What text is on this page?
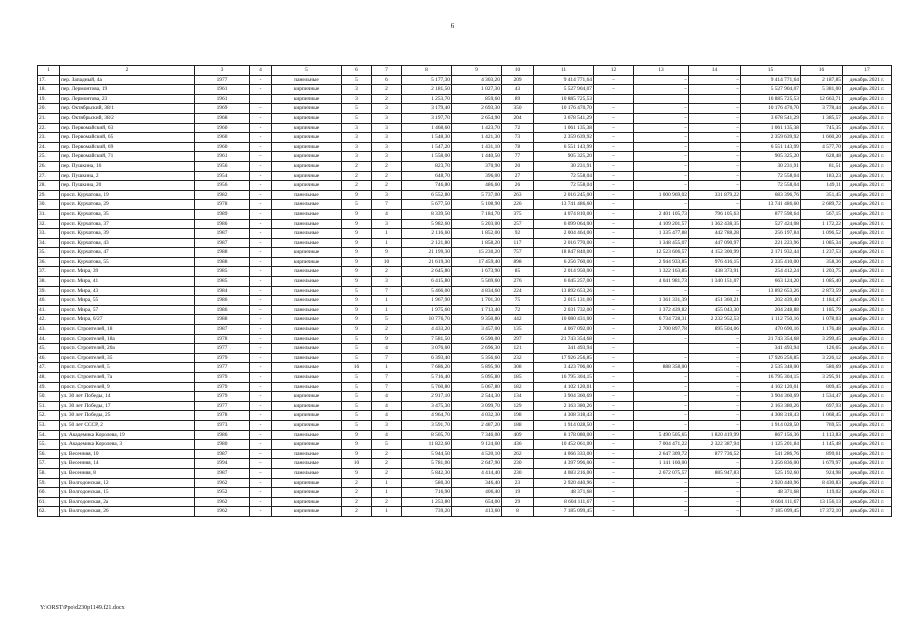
6
1	2	3	4	5	6	7	8	9	10	11	12	13	14	15	16	17
17.	пер. Западный, 4а	1977	-	панельные	5	6	5 177,30	4 303,20	209	9 414 771,64	–	–	–	9 414 771,64	2 187,85	декабрь 2021 г.
18.	пер. Лермонтова, 19	1961	-	кирпичные	3	2	2 181,50	1 027,30	43	5 527 904,07	–	–	–	5 527 904,07	5 381,00	декабрь 2021 г.
19.	пер. Лермонтова, 23	1961		кирпичные	3	2	1 253,70	859,60	89	10 885 725,53				10 885 725,53	12 663,71	декабрь 2021 г.
20.	пер. Октябрьский, 38/1	1969	–	кирпичные	5	3	3 179,40	2 693,30	350	10 176 470,70	–	–	–	10 176 470,70	3 778,44	декабрь 2021 г.
21.	пер. Октябрьский, 38/2	1968	-	кирпичные	5	3	3 197,70	2 654,90	204	3 678 541,29	–	–	–	3 678 541,29	1 385,57	декабрь 2021 г.
22.	пер. Первомайский, 63	1960	-	кирпичные	3	3	1 468,60	1 423,70	72	1 061 135,38	–	–	–	1 061 135,38	745,35	декабрь 2021 г.
23.	пер. Первомайский, 65	1960	-	кирпичные	3	3	1 548,30	1 421,30	73	2 359 639,92	–	–	–	2 359 639,92	1 660,20	декабрь 2021 г.
24.	пер. Первомайский, 69	1960	-	кирпичные	3	3	1 547,20	1 431,10	78	6 551 143,99	–	–	–	6 551 143,99	4 577,70	декабрь 2021 г.
25.	пер. Первомайский, 71	1961	–	кирпичные	3	3	1 558,00	1 440,50	77	905 325,20	–	–	–	905 325,20	628,48	декабрь 2021 г.
26.	пер. Пушкина, 16	1956	-	кирпичные	2	2	823,70	370,90	20	30 231,91	–	–	–	30 231,91	81,51	декабрь 2021 г.
27.	пер. Пушкина, 2	1954	-	кирпичные	2	2	648,70	396,00	27	72 558,04	–	–	–	72 558,04	183,23	декабрь 2021 г.
28.	пер. Пушкина, 20	1956	-	кирпичные	2	2	746,80	486,60	26	72 558,04	–	–	–	72 558,04	149,11	декабрь 2021 г.
29.	просп. Курчатова, 19	1982	-	панельные	9	3	6 552,80	5 737,00	263	2 016 245,00	–	1 000 969,02	331 879,22	683 396,76	351,45	декабрь 2021 г.
30.	просп. Курчатова, 29	1978	-	панельные	5	7	5 677,50	5 108,90	226	13 741 486,60	–	–	–	13 741 486,60	2 689,72	декабрь 2021 г.
31.	просп. Курчатова, 35	1989	-	панельные	9	4	8 339,50	7 184,70	375	4 074 810,00	–	2 401 105,73	796 105,63	877 598,64	567,15	декабрь 2021 г.
32.	просп. Курчатова, 37	1986	-	панельные	9	3	5 982,60	5 203,00	257	6 099 064,00	–	4 109 201,57	1 362 438,35	527 424,08	1 172,22	декабрь 2021 г.
33.	просп. Курчатова, 39	1987	-	панельные	9	1	2 116,60	1 852,00	92	2 004 464,00	–	1 335 477,88	442 788,28	256 197,84	1 096,52	декабрь 2021 г.
34.	просп. Курчатова, 43	1987	-	панельные	9	1	2 121,80	1 858,20	117	2 016 770,00	–	1 348 455,07	447 090,97	221 223,96	1 085,34	декабрь 2021 г.
35.	просп. Курчатова, 47	1988	-	кирпичные	9	9	21 199,30	15 230,20	757	18 847 840,00	–	12 523 606,57	4 152 300,99	2 171 932,44	1 237,53	декабрь 2021 г.
36.	просп. Курчатова, 55	1988	-	кирпичные	9	10	21 619,30	17 459,40	898	6 256 760,00	–	2 944 933,85	976 416,15	2 335 410,00	358,36	декабрь 2021 г.
37.	просп. Мира, 39	1985	-	панельные	9	2	2 645,80	1 673,90	85	2 014 950,00	–	1 322 163,85	438 373,91	254 412,24	1 203,75	декабрь 2021 г.
38.	просп. Мира, 41	1985	-	панельные	9	3	6 415,80	5 569,60	276	6 045 257,00	–	4 041 981,73	1 340 151,07	663 124,20	1 085,40	декабрь 2021 г.
39.	просп. Мира, 43	1984	-	панельные	5	7	5 466,00	4 834,60	224	13 892 653,26	–	–	–	13 892 653,26	2 873,59	декабрь 2021 г.
40.	просп. Мира, 55	1986	-	панельные	9	1	1 967,90	1 701,30	75	2 015 131,00	–	1 361 331,39	451 360,21	202 439,40	1 184,47	декабрь 2021 г.
41.	просп. Мира, 57	1986	–	панельные	9	1	1 975,60	1 713,40	72	2 031 732,00	–	1 372 439,82	455 043,30	204 248,88	1 185,79	декабрь 2021 г.
42.	просп. Мира, 6/27	1988	-	панельные	9	5	10 776,70	9 350,80	442	10 080 431,00	–	6 734 728,31	2 232 952,53	1 112 750,16	1 078,03	декабрь 2021 г.
43.	просп. Строителей, 18	1987	-	панельные	9	2	4 433,20	3 457,00	135	4 067 092,00	–	2 700 897,78	895 504,06	470 690,16	1 176,48	декабрь 2021 г.
44.	просп. Строителей, 18а	1978	-	панельные	5	9	7 581,50	6 590,00	297	21 743 354,68	–	–	–	21 743 354,68	3 299,45	декабрь 2021 г.
45.	просп. Строителей, 20а	1977	-	панельные	5	4	3 076,00	2 696,30	121	341 493,94	–		–	341 493,94	126,65	декабрь 2021 г.
46.	просп. Строителей, 35	1979	-	панельные	5	7	6 393,40	5 356,60	232	17 926 256,85	–	–	–	17 926 256,85	3 226,12	декабрь 2021 г.
47.	просп. Строителей, 5	1977	-	панельные	16	1	7 686,20	5 895,90	308	3 423 706,00	–	888 358,00	–	2 535 348,00	580,69	декабрь 2021 г.
48.	просп. Строителей, 7а	1979	-	панельные	5	7	5 716,40	5 095,80	185	16 795 304,15	–	–	–	16 795 304,15	3 295,91	декабрь 2021 г.
49.	просп. Строителей, 9	1979	-	панельные	5	7	5 760,80	5 067,80	182	4 102 120,01	–	–	–	4 102 120,01	809,45	декабрь 2021 г.
50.	ул. 30 лет Победы, 14	1979	-	кирпичные	5	4	2 917,10	2 544,30	134	3 904 360,69	–	–	–	3 904 360,69	1 534,47	декабрь 2021 г.
51.	ул. 30 лет Победы, 17	1977	-	кирпичные	5	4	3 475,30	3 099,70	129	2 163 380,26	–	–	–	2 163 380,26	697,93	декабрь 2021 г.
52.	ул. 30 лет Победы, 25	1978	-	кирпичные	5	4	4 964,70	4 032,30	198	4 308 318,43	–	–	–	4 308 318,43	1 068,45	декабрь 2021 г.
53.	ул. 50 лет СССР, 2	1973	-	кирпичные	5	3	3 591,70	2 487,20	188	1 914 028,50	–	–	–	1 914 028,50	769,55	декабрь 2021 г.
54.	ул. Академика Королева, 19	1986	-	панельные	9	4	8 505,70	7 346,00	409	8 178 080,00	–	5 490 505,65	1 820 419,99	867 156,36	1 113,83	декабрь 2021 г.
55.	ул. Академика Королева, 3	1980	-	кирпичные	9	5	11 822,60	9 124,60	436	10 452 061,00	–	7 004 471,22	2 322 387,94	1 125 201,84	1 145,48	декабрь 2021 г.
56.	ул. Весенняя, 10	1987	–	панельные	9	2	5 944,50	4 520,10	262	4 066 333,00	–	2 647 309,72	877 736,52	541 286,76	899,61	декабрь 2021 г.
57.	ул. Весенняя, 14	1994	–	панельные	10	2	5 781,00	2 647,90	230	4 397 996,00	–	1 141 160,00	–	3 256 836,00	1 679,97	декабрь 2021 г.
58.	ул. Весенняя, 8	1987	–	панельные	9	2	5 842,30	4 414,40	230	4 083 216,00	–	2 672 075,57	885 947,83	525 192,60	924,98	декабрь 2021 г.
59.	ул. Волгодонская, 12	1962	-	кирпичные	2	1	580,30	346,40	23	2 920 440,96	–	–	–	2 920 440,96	8 430,83	декабрь 2021 г.
60.	ул. Волгодонская, 15	1952	-	кирпичные	2	1	716,90	406,40	19	48 371,68	–	–	–	48 371,68	119,02	декабрь 2021 г.
61.	ул. Волгодонская, 2а	1962	-	кирпичные	2	2	1 253,80	654,00	29	8 604 111,67	–	–	–	8 604 111,67	13 156,13	декабрь 2021 г.
62.	ул. Волгодонская, 26	1962	-	кирпичные	2	1	739,20	413,60	8	7 185 099,45	–	–	–	7 185 099,45	17 372,10	декабрь 2021 г.
Y:\ORST\Ppo\d230p1149.f21.docx
